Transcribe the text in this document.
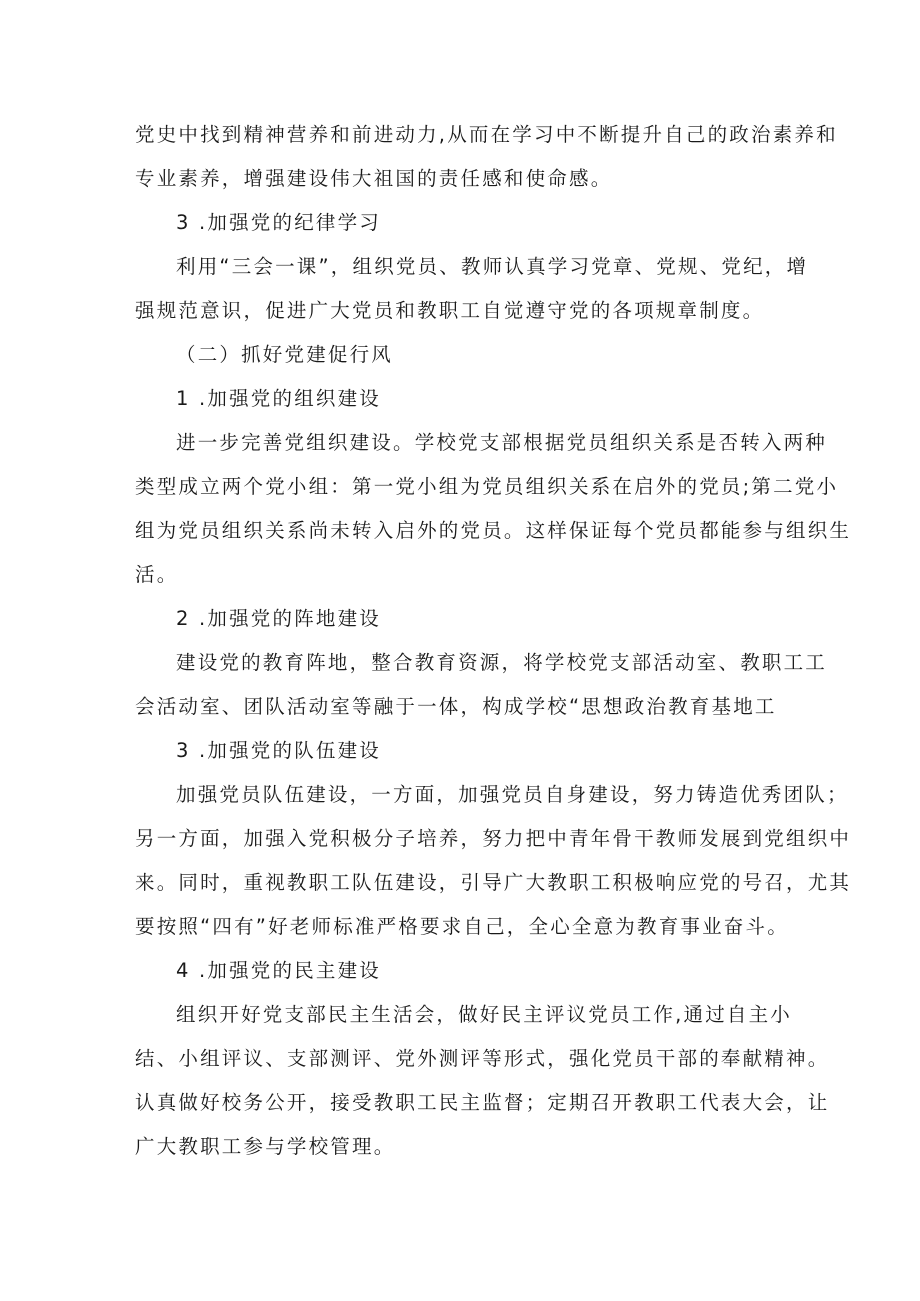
党史中找到精神营养和前进动力,从而在学习中不断提升自己的政治素养和
专业素养，增强建设伟大祖国的责任感和使命感。
3 .加强党的纪律学习
利用“三会一课”，组织党员、教师认真学习党章、党规、党纪，增
强规范意识，促进广大党员和教职工自觉遵守党的各项规章制度。
（二）抓好党建促行风
1 .加强党的组织建设
进一步完善党组织建设。学校党支部根据党员组织关系是否转入两种
类型成立两个党小组：第一党小组为党员组织关系在启外的党员;第二党小
组为党员组织关系尚未转入启外的党员。这样保证每个党员都能参与组织生
活。
2 .加强党的阵地建设
建设党的教育阵地，整合教育资源，将学校党支部活动室、教职工工
会活动室、团队活动室等融于一体，构成学校“思想政治教育基地工
3 .加强党的队伍建设
加强党员队伍建设，一方面，加强党员自身建设，努力铸造优秀团队；
另一方面，加强入党积极分子培养，努力把中青年骨干教师发展到党组织中
来。同时，重视教职工队伍建设，引导广大教职工积极响应党的号召，尤其
要按照“四有”好老师标准严格要求自己，全心全意为教育事业奋斗。
4 .加强党的民主建设
组织开好党支部民主生活会，做好民主评议党员工作,通过自主小
结、小组评议、支部测评、党外测评等形式，强化党员干部的奉献精神。
认真做好校务公开，接受教职工民主监督；定期召开教职工代表大会，让
广大教职工参与学校管理。
